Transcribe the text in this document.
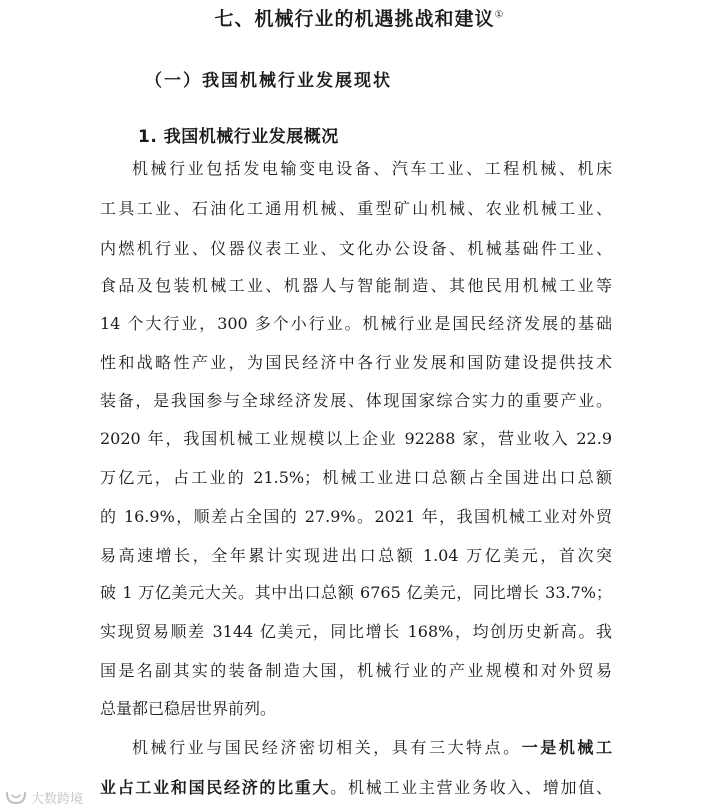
七、机械行业的机遇挑战和建议①
（一）我国机械行业发展现状
1. 我国机械行业发展概况
机械行业包括发电输变电设备、汽车工业、工程机械、机床
工具工业、石油化工通用机械、重型矿山机械、农业机械工业、
内燃机行业、仪器仪表工业、文化办公设备、机械基础件工业、
食品及包装机械工业、机器人与智能制造、其他民用机械工业等
14 个大行业，300 多个小行业。机械行业是国民经济发展的基础
性和战略性产业，为国民经济中各行业发展和国防建设提供技术
装备，是我国参与全球经济发展、体现国家综合实力的重要产业。
2020 年，我国机械工业规模以上企业 92288 家，营业收入 22.9
万亿元，占工业的 21.5%；机械工业进口总额占全国进出口总额
的 16.9%，顺差占全国的 27.9%。2021 年，我国机械工业对外贸
易高速增长，全年累计实现进出口总额 1.04 万亿美元，首次突
破 1 万亿美元大关。其中出口总额 6765 亿美元，同比增长 33.7%；
实现贸易顺差 3144 亿美元，同比增长 168%，均创历史新高。我
国是名副其实的装备制造大国，机械行业的产业规模和对外贸易
总量都已稳居世界前列。
机械行业与国民经济密切相关，具有三大特点。一是机械工
业占工业和国民经济的比重大。机械工业主营业务收入、增加值、
大数跨境
